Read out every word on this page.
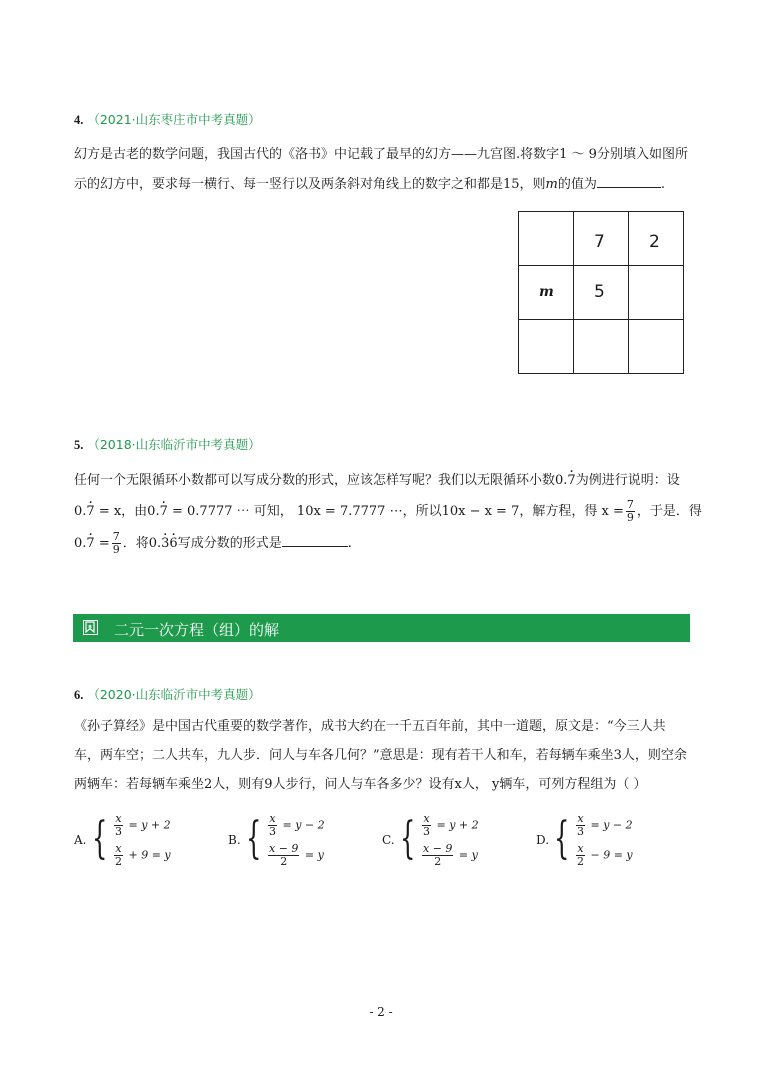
4. （2021·山东枣庄市中考真题）
幻方是古老的数学问题，我国古代的《洛书》中记载了最早的幻方——九宫图.将数字1 ～ 9分别填入如图所
示的幻方中，要求每一横行、每一竖行以及两条斜对角线上的数字之和都是15，则m的值为	.

	7	2

m	5	

5. （2018·山东临沂市中考真题）
任何一个无限循环小数都可以写成分数的形式，应该怎样写呢？我们以无限循环小数0.7 ·为例进行说明：设
0.7 · = x，由0.7 · = 0.7777 ⋯ 可知， 10x = 7.7777 ⋯，所以10x − x = 7，解方程，得 $x = \frac{7}{9}$ ，于是．得
0.7 · = $\frac{7}{9}$ ．将0.3 ·6 ·写成分数的形式是	.
二元一次方程（组）的解
6. （2020·山东临沂市中考真题）
《孙子算经》是中国古代重要的数学著作，成书大约在一千五百年前，其中一道题，原文是：“今三人共
车，两车空；二人共车，九人步．问人与车各几何？”意思是：现有若干人和车，若每辆车乘坐3人，则空余
两辆车：若每辆车乘坐2人，则有9人步行，问人与车各多少？设有x人， y辆车，可列方程组为（ ）
A. { $\frac{x}{3} = y + 2$
$\frac{x}{2} + 9 = y$
B. { $\frac{x}{3} = y - 2$
$\frac{x - 9}{2} = y$
C. { $\frac{x}{3} = y + 2$
$\frac{x - 9}{2} = y$
D. { $\frac{x}{3} = y - 2$
$\frac{x}{2} - 9 = y$
- 2 -
